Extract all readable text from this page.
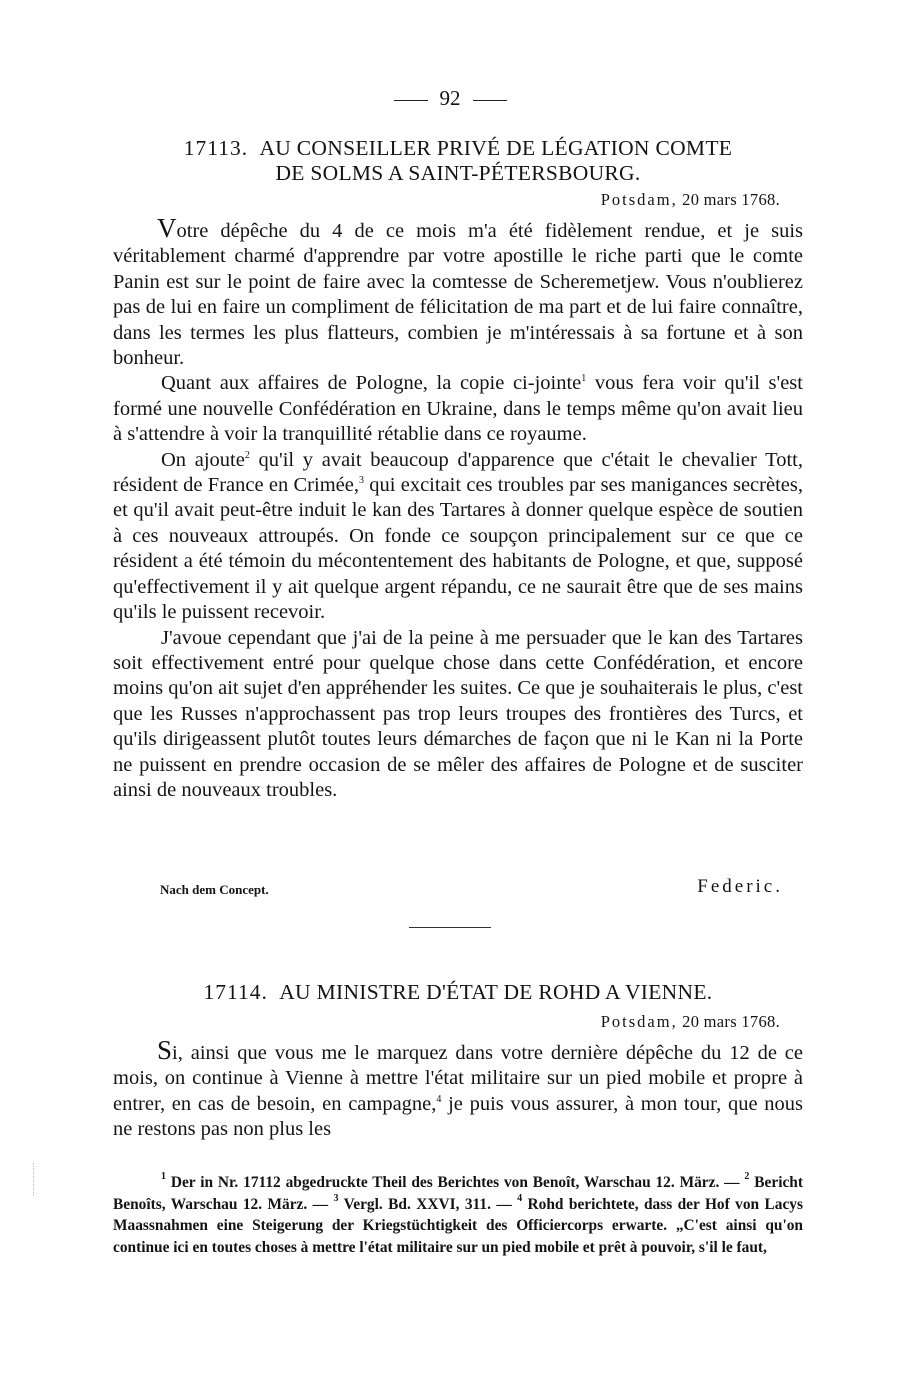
92
17113. AU CONSEILLER PRIVÉ DE LÉGATION COMTE
DE SOLMS A SAINT-PÉTERSBOURG.
Potsdam, 20 mars 1768.

Votre dépêche du 4 de ce mois m'a été fidèlement rendue, et je suis véritablement charmé d'apprendre par votre apostille le riche parti que le comte Panin est sur le point de faire avec la comtesse de Scheremetjew. Vous n'oublierez pas de lui en faire un compliment de félicitation de ma part et de lui faire connaître, dans les termes les plus flatteurs, combien je m'intéressais à sa fortune et à son bonheur.

Quant aux affaires de Pologne, la copie ci-jointe$^1$ vous fera voir qu'il s'est formé une nouvelle Confédération en Ukraine, dans le temps même qu'on avait lieu à s'attendre à voir la tranquillité rétablie dans ce royaume.

On ajoute$^2$ qu'il y avait beaucoup d'apparence que c'était le chevalier Tott, résident de France en Crimée,$^3$ qui excitait ces troubles par ses manigances secrètes, et qu'il avait peut-être induit le kan des Tartares à donner quelque espèce de soutien à ces nouveaux attroupés. On fonde ce soupçon principalement sur ce que ce résident a été témoin du mécontentement des habitants de Pologne, et que, supposé qu'effectivement il y ait quelque argent répandu, ce ne saurait être que de ses mains qu'ils le puissent recevoir.

J'avoue cependant que j'ai de la peine à me persuader que le kan des Tartares soit effectivement entré pour quelque chose dans cette Confédération, et encore moins qu'on ait sujet d'en appréhender les suites. Ce que je souhaiterais le plus, c'est que les Russes n'approchassent pas trop leurs troupes des frontières des Turcs, et qu'ils dirigeassent plutôt toutes leurs démarches de façon que ni le Kan ni la Porte ne puissent en prendre occasion de se mêler des affaires de Pologne et de susciter ainsi de nouveaux troubles.

Nach dem Concept.	Federic.
17114. AU MINISTRE D'ÉTAT DE ROHD A VIENNE.
Potsdam, 20 mars 1768.

Si, ainsi que vous me le marquez dans votre dernière dépêche du 12 de ce mois, on continue à Vienne à mettre l'état militaire sur un pied mobile et propre à entrer, en cas de besoin, en campagne,$^4$ je puis vous assurer, à mon tour, que nous ne restons pas non plus les

$^1$ Der in Nr. 17112 abgedruckte Theil des Berichtes von Benoît, Warschau 12. März. — $^2$ Bericht Benoîts, Warschau 12. März. — $^3$ Vergl. Bd. XXVI, 311. — $^4$ Rohd berichtete, dass der Hof von Lacys Maassnahmen eine Steigerung der Kriegstüchtigkeit des Officiercorps erwarte. „C'est ainsi qu'on continue ici en toutes choses à mettre l'état militaire sur un pied mobile et prêt à pouvoir, s'il le faut,
